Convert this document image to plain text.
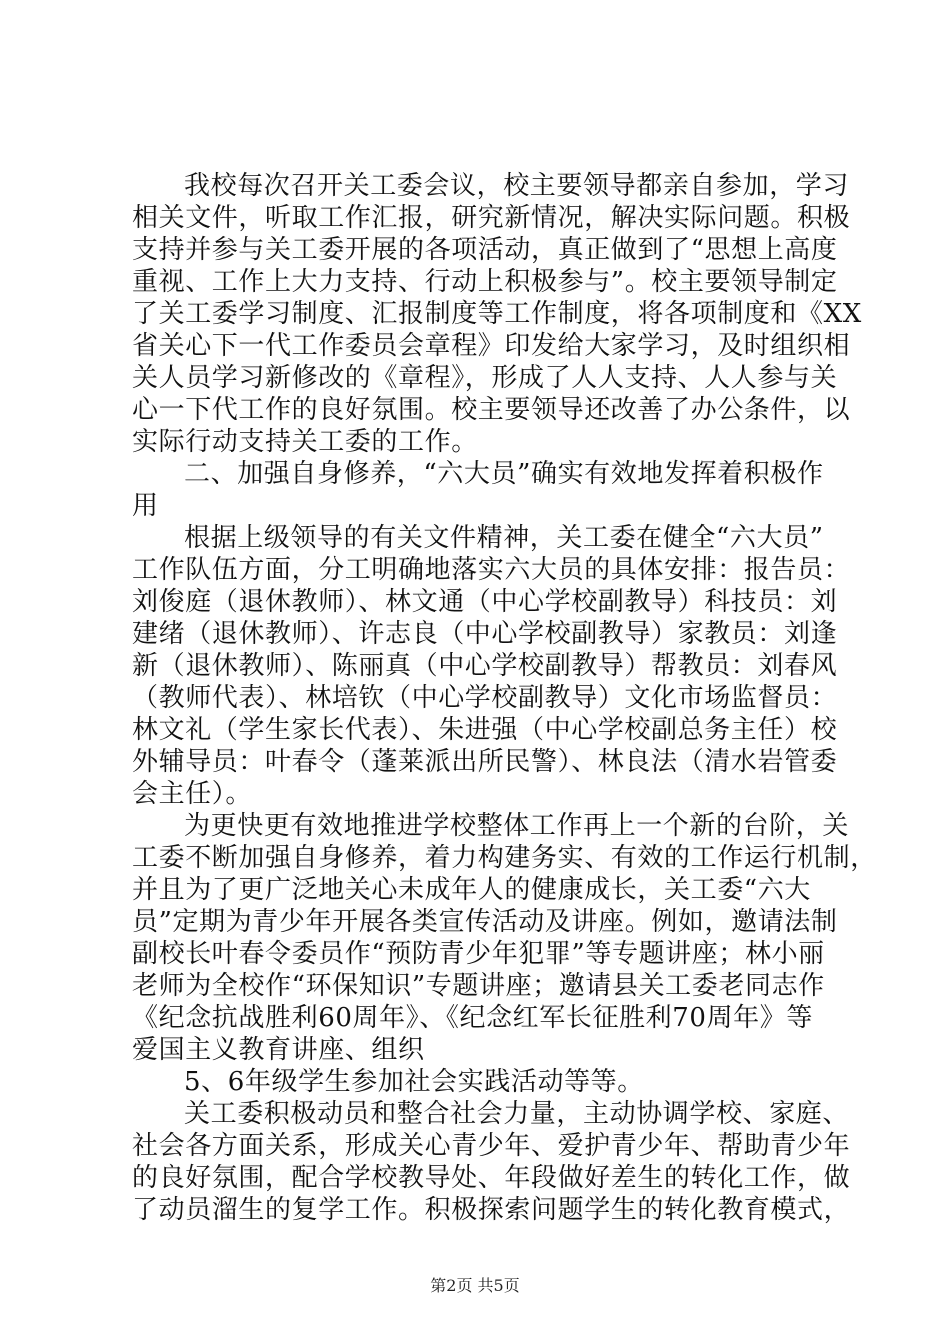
我校每次召开关工委会议，校主要领导都亲自参加，学习
相关文件，听取工作汇报，研究新情况，解决实际问题。积极
支持并参与关工委开展的各项活动，真正做到了“思想上高度
重视、工作上大力支持、行动上积极参与”。校主要领导制定
了关工委学习制度、汇报制度等工作制度，将各项制度和《XX
省关心下一代工作委员会章程》印发给大家学习，及时组织相
关人员学习新修改的《章程》，形成了人人支持、人人参与关
心一下代工作的良好氛围。校主要领导还改善了办公条件，以
实际行动支持关工委的工作。
二、加强自身修养，“六大员”确实有效地发挥着积极作
用
根据上级领导的有关文件精神，关工委在健全“六大员”
工作队伍方面，分工明确地落实六大员的具体安排：报告员：
刘俊庭（退休教师）、林文通（中心学校副教导）科技员：刘
建绪（退休教师）、许志良（中心学校副教导）家教员：刘逢
新（退休教师）、陈丽真（中心学校副教导）帮教员：刘春风
（教师代表）、林培钦（中心学校副教导）文化市场监督员：
林文礼（学生家长代表）、朱进强（中心学校副总务主任）校
外辅导员：叶春令（蓬莱派出所民警）、林良法（清水岩管委
会主任）。
为更快更有效地推进学校整体工作再上一个新的台阶，关
工委不断加强自身修养，着力构建务实、有效的工作运行机制，
并且为了更广泛地关心未成年人的健康成长，关工委“六大
员”定期为青少年开展各类宣传活动及讲座。例如，邀请法制
副校长叶春令委员作“预防青少年犯罪”等专题讲座；林小丽
老师为全校作“环保知识”专题讲座；邀请县关工委老同志作
《纪念抗战胜利60周年》、《纪念红军长征胜利70周年》等
爱国主义教育讲座、组织
5、6年级学生参加社会实践活动等等。
关工委积极动员和整合社会力量，主动协调学校、家庭、
社会各方面关系，形成关心青少年、爱护青少年、帮助青少年
的良好氛围，配合学校教导处、年段做好差生的转化工作，做
了动员溜生的复学工作。积极探索问题学生的转化教育模式，
第2页 共5页
